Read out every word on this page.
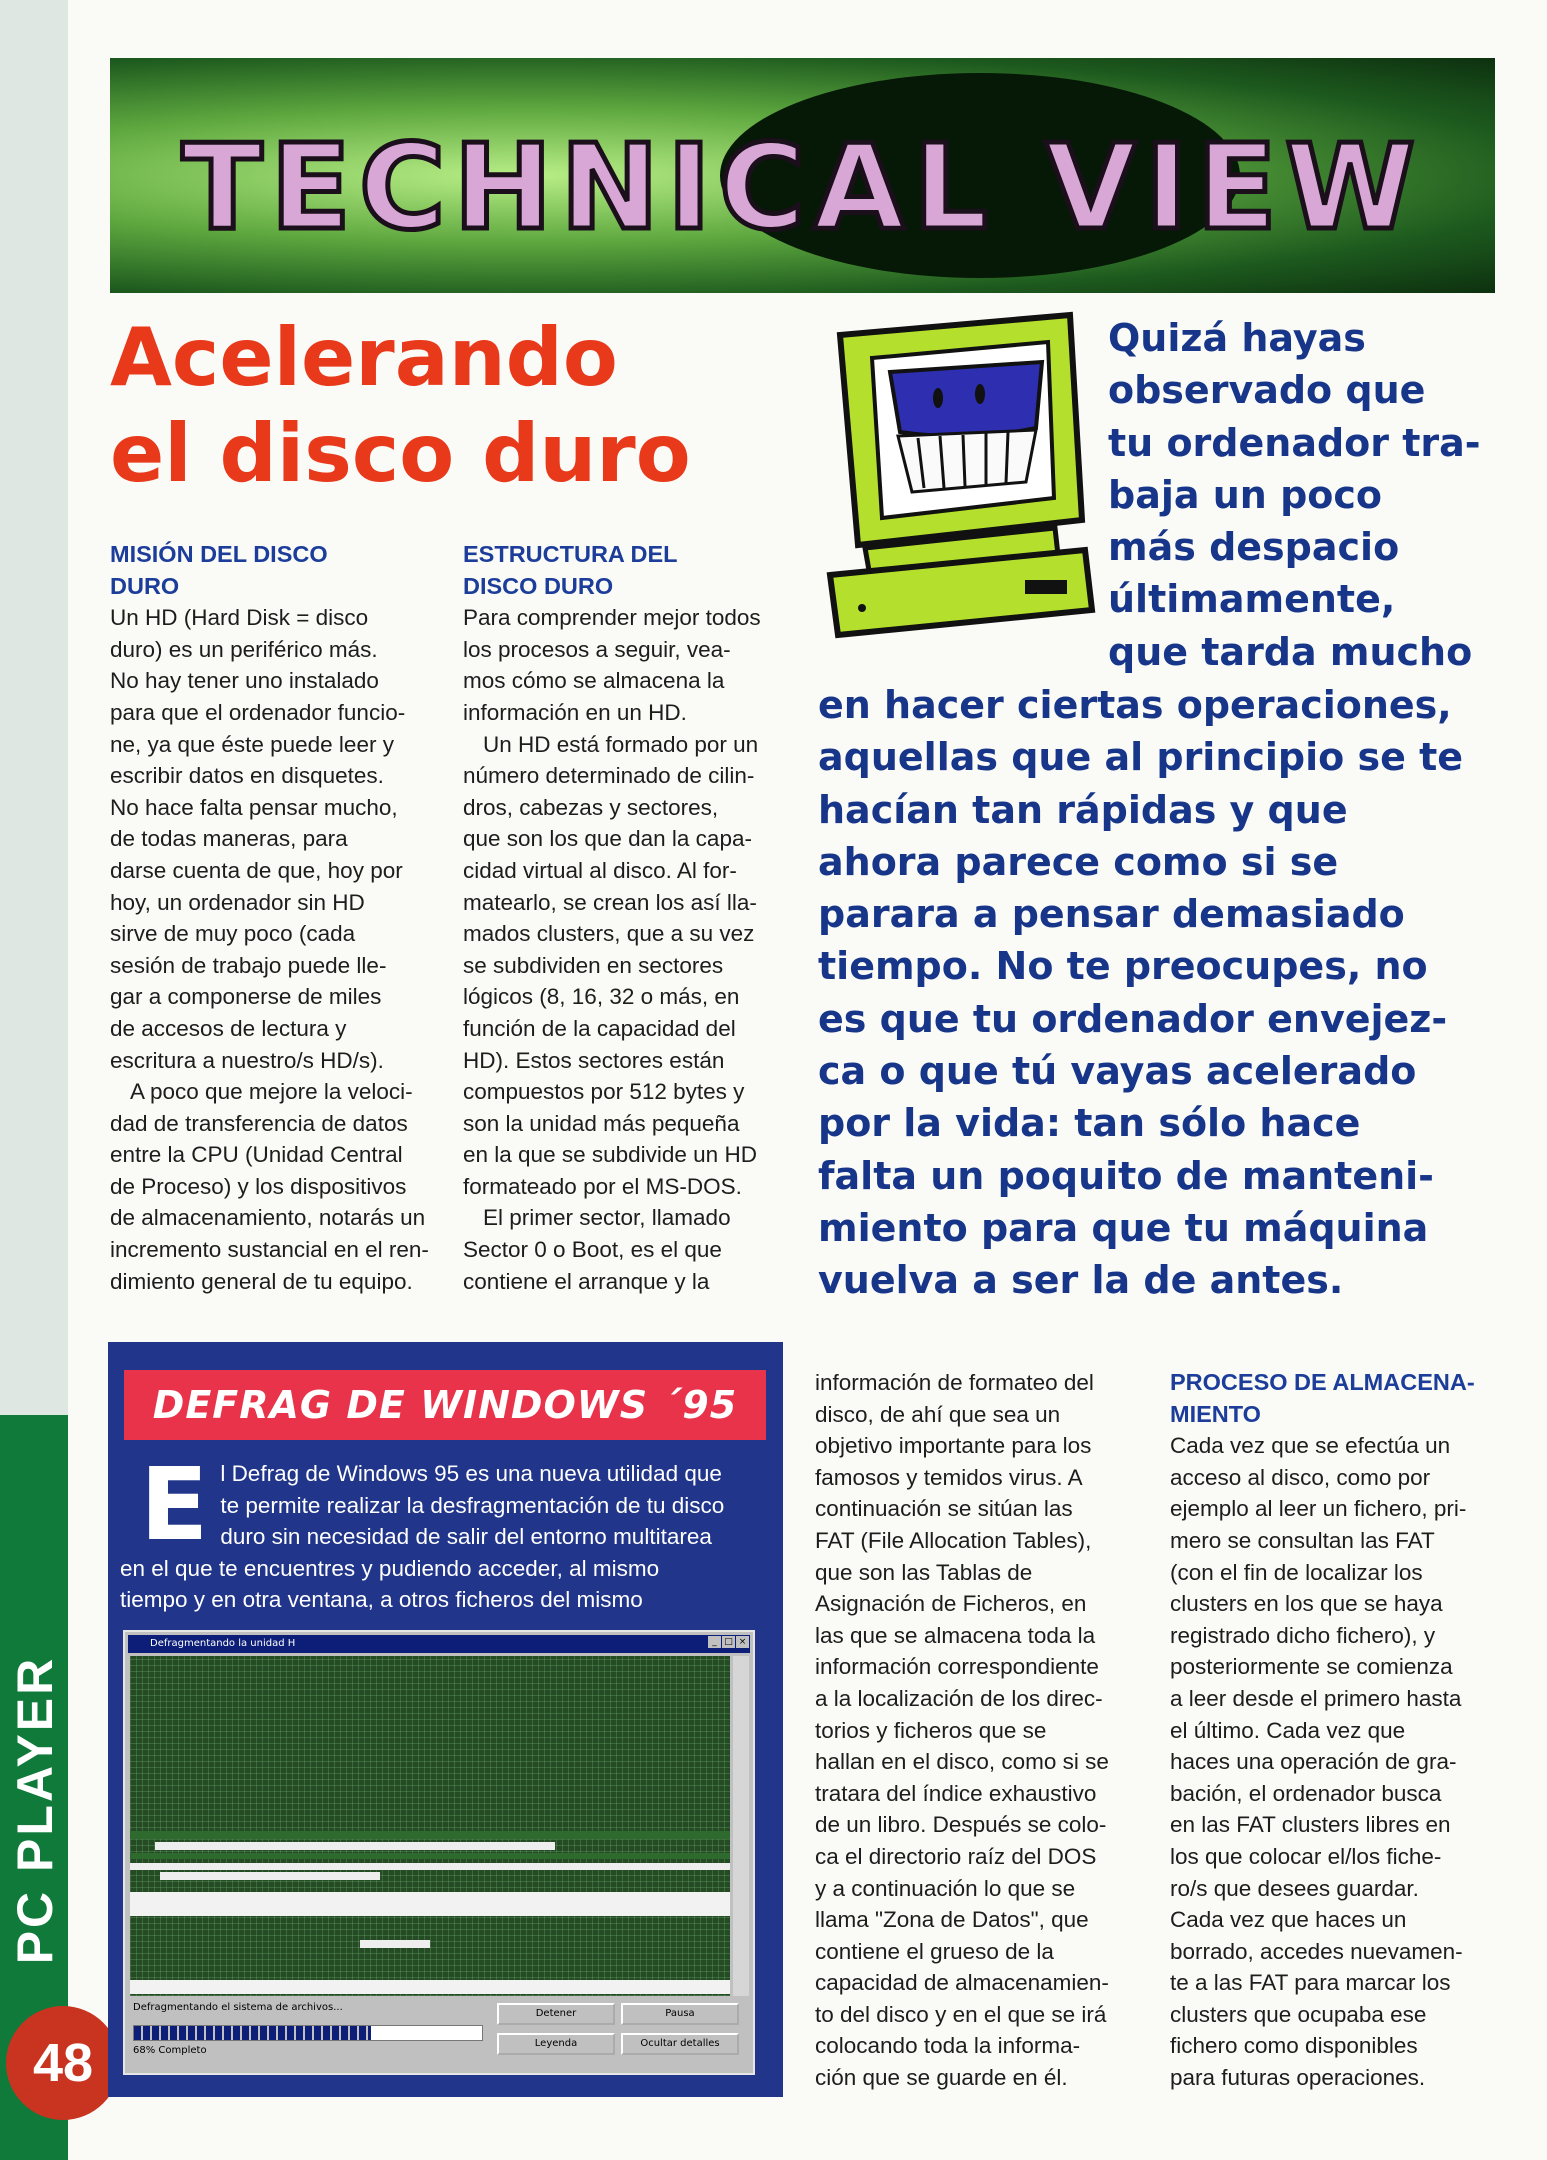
PC PLAYER
48
TECHNICAL VIEW
Acelerando
el disco duro

Quizá hayas

observado que

tu ordenador tra-

baja un poco

más despacio

últimamente,

que tarda mucho

en hacer ciertas operaciones,

aquellas que al principio se te

hacían tan rápidas y que

ahora parece como si se

parara a pensar demasiado

tiempo. No te preocupes, no

es que tu ordenador envejez-

ca o que tú vayas acelerado

por la vida: tan sólo hace

falta un poquito de manteni-

miento para que tu máquina

vuelva a ser la de antes.

MISIÓN DEL DISCO
DURO

Un HD (Hard Disk = disco

duro) es un periférico más.

No hay tener uno instalado

para que el ordenador funcio-

ne, ya que éste puede leer y

escribir datos en disquetes.

No hace falta pensar mucho,

de todas maneras, para

darse cuenta de que, hoy por

hoy, un ordenador sin HD

sirve de muy poco (cada

sesión de trabajo puede lle-

gar a componerse de miles

de accesos de lectura y

escritura a nuestro/s HD/s).

A poco que mejore la veloci-

dad de transferencia de datos

entre la CPU (Unidad Central

de Proceso) y los dispositivos

de almacenamiento, notarás un

incremento sustancial en el ren-

dimiento general de tu equipo.

ESTRUCTURA DEL
DISCO DURO

Para comprender mejor todos

los procesos a seguir, vea-

mos cómo se almacena la

información en un HD.

Un HD está formado por un

número determinado de cilin-

dros, cabezas y sectores,

que son los que dan la capa-

cidad virtual al disco. Al for-

matearlo, se crean los así lla-

mados clusters, que a su vez

se subdividen en sectores

lógicos (8, 16, 32 o más, en

función de la capacidad del

HD). Estos sectores están

compuestos por 512 bytes y

son la unidad más pequeña

en la que se subdivide un HD

formateado por el MS-DOS.

El primer sector, llamado

Sector 0 o Boot, es el que

contiene el arranque y la

DEFRAG DE WINDOWS ´95
E l Defrag de Windows 95 es una nueva utilidad que

te permite realizar la desfragmentación de tu disco

duro sin necesidad de salir del entorno multitarea

en el que te encuentres y pudiendo acceder, al mismo

tiempo y en otra ventana, a otros ficheros del mismo

Defragmentando la unidad H	_ □ ×
Defragmentando el sistema de archivos...
68% Completo
Detener	Pausa
Leyenda	Ocultar detalles

información de formateo del

disco, de ahí que sea un

objetivo importante para los

famosos y temidos virus. A

continuación se sitúan las

FAT (File Allocation Tables),

que son las Tablas de

Asignación de Ficheros, en

las que se almacena toda la

información correspondiente

a la localización de los direc-

torios y ficheros que se

hallan en el disco, como si se

tratara del índice exhaustivo

de un libro. Después se colo-

ca el directorio raíz del DOS

y a continuación lo que se

llama "Zona de Datos", que

contiene el grueso de la

capacidad de almacenamien-

to del disco y en el que se irá

colocando toda la informa-

ción que se guarde en él.

PROCESO DE ALMACENA-
MIENTO

Cada vez que se efectúa un

acceso al disco, como por

ejemplo al leer un fichero, pri-

mero se consultan las FAT

(con el fin de localizar los

clusters en los que se haya

registrado dicho fichero), y

posteriormente se comienza

a leer desde el primero hasta

el último. Cada vez que

haces una operación de gra-

bación, el ordenador busca

en las FAT clusters libres en

los que colocar el/los fiche-

ro/s que desees guardar.

Cada vez que haces un

borrado, accedes nuevamen-

te a las FAT para marcar los

clusters que ocupaba ese

fichero como disponibles

para futuras operaciones.
